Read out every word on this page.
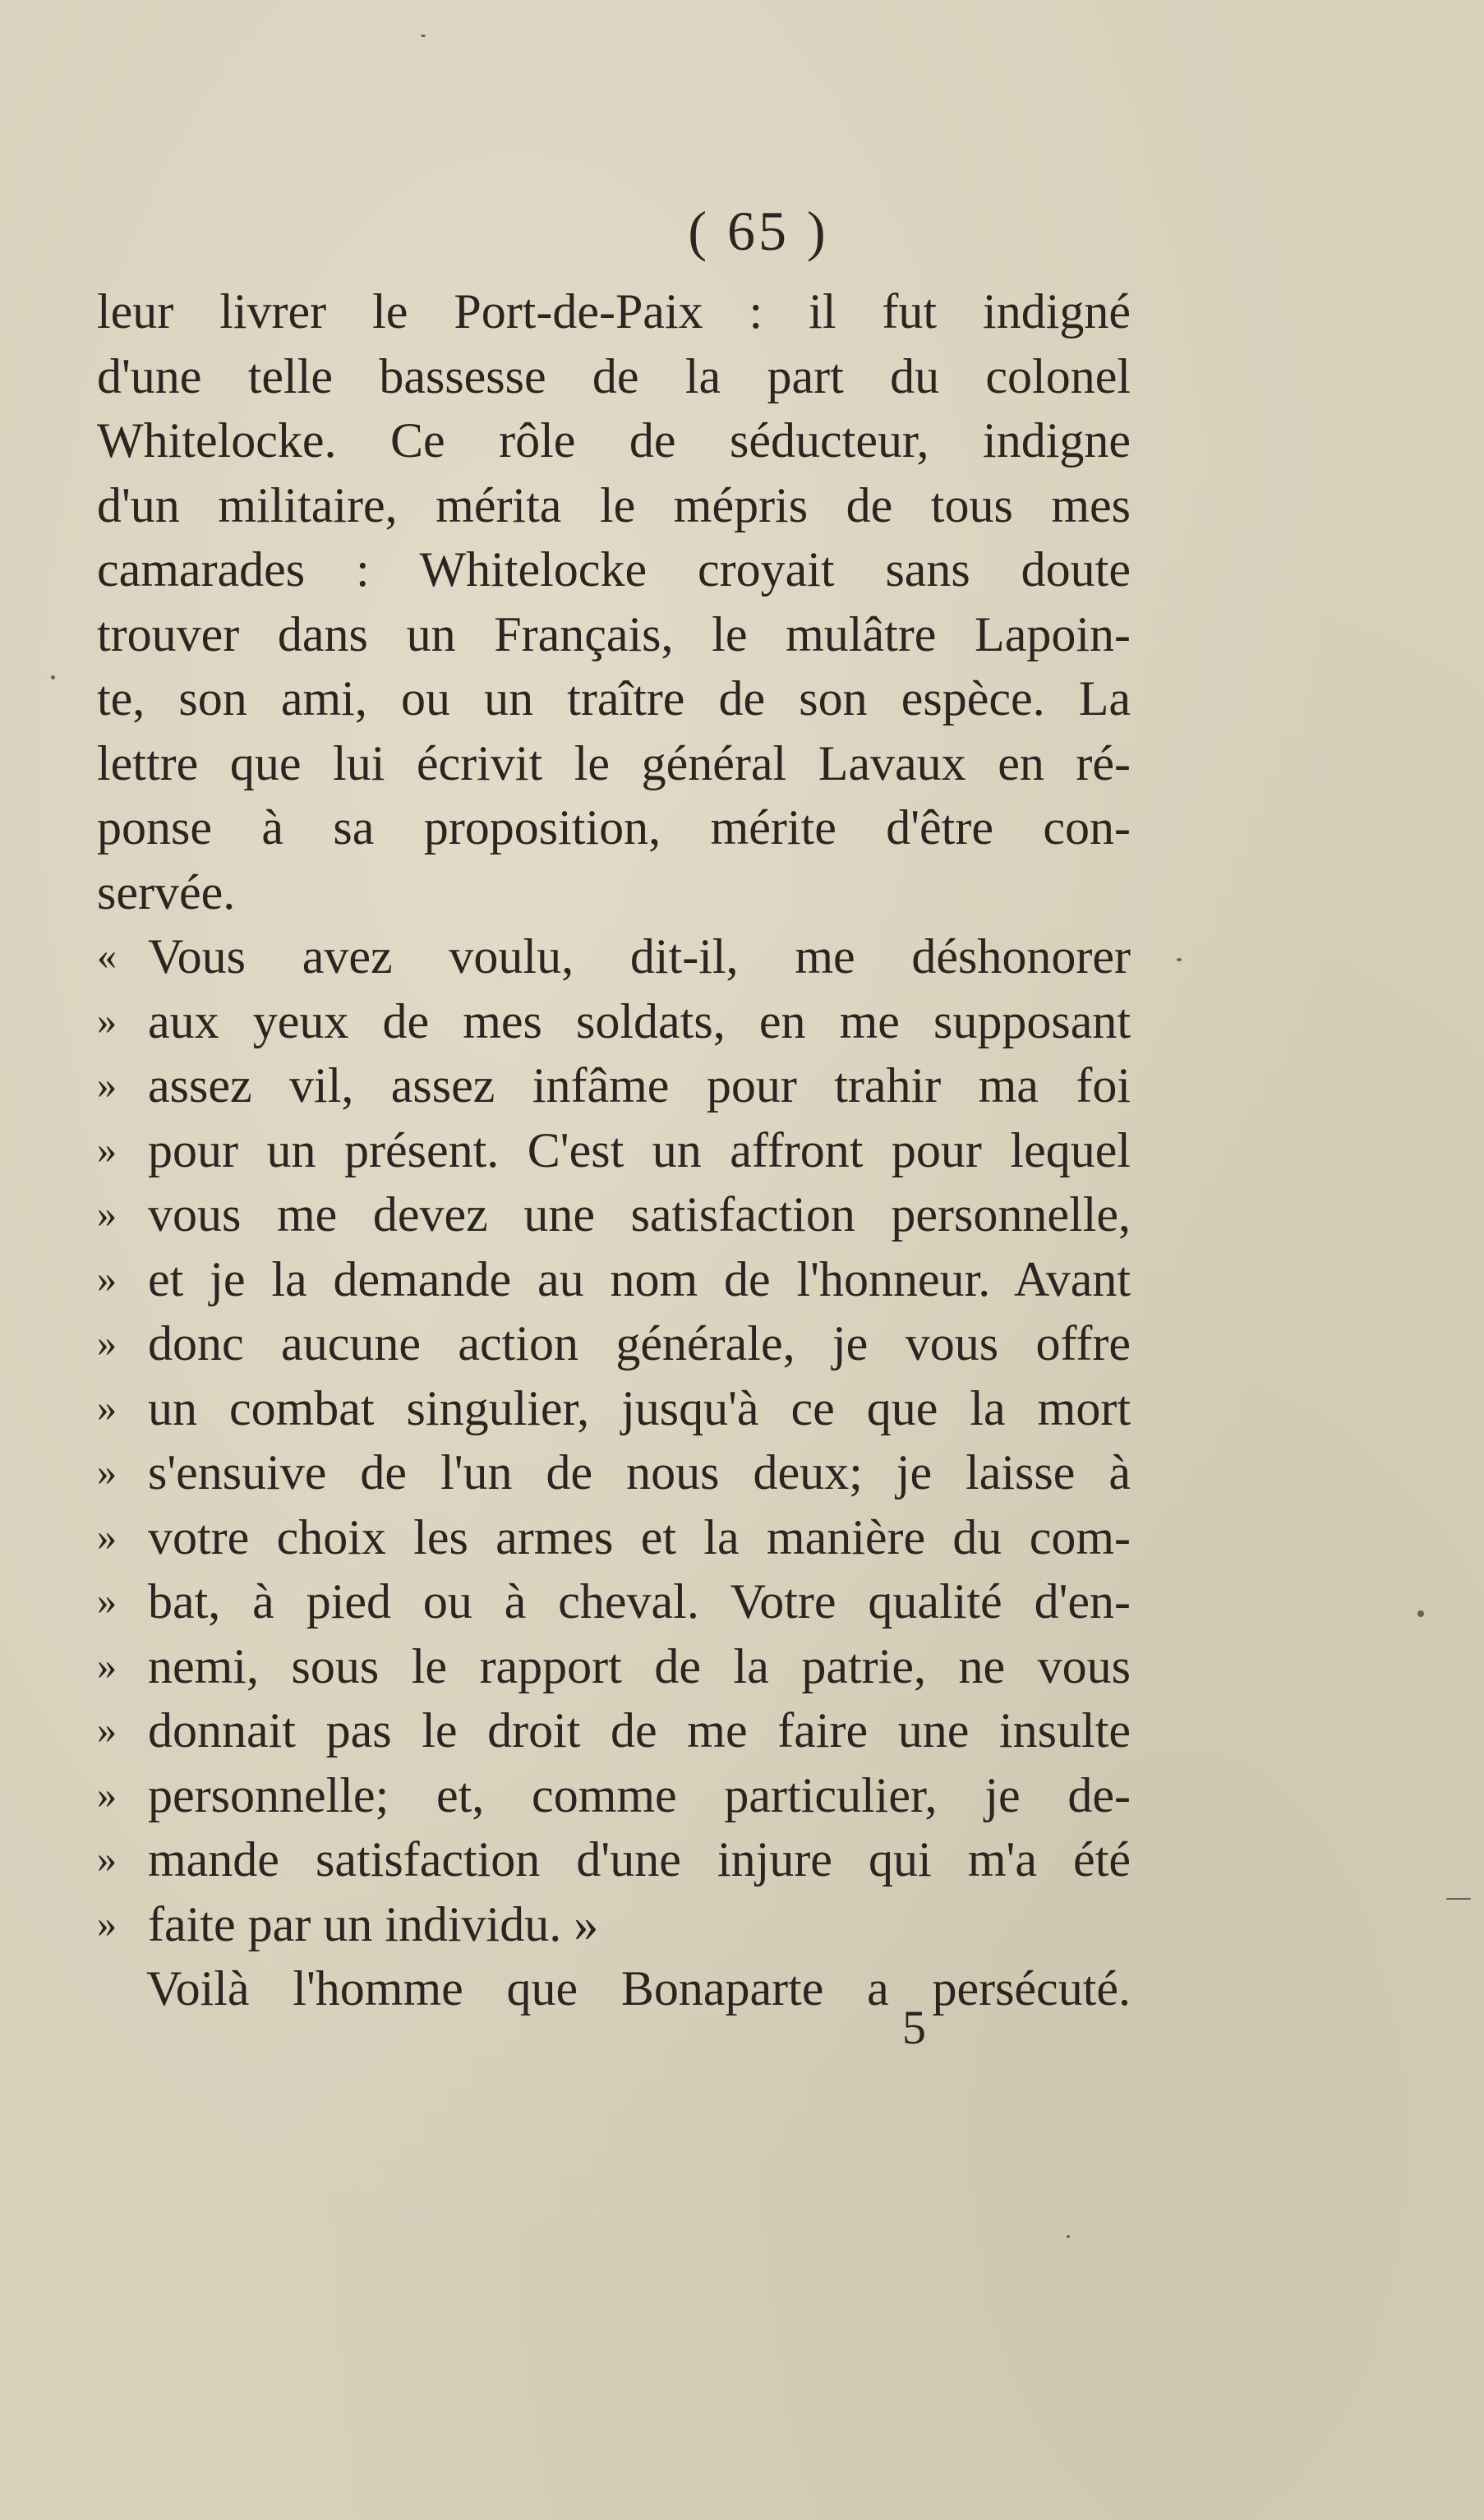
( 65 )
leur livrer le Port-de-Paix : il fut indigné
d'une telle bassesse de la part du colonel
Whitelocke. Ce rôle de séducteur, indigne
d'un militaire, mérita le mépris de tous mes
camarades : Whitelocke croyait sans doute
trouver dans un Français, le mulâtre Lapoin-
te, son ami, ou un traître de son espèce. La
lettre que lui écrivit le général Lavaux en ré-
ponse à sa proposition, mérite d'être con-
servée.
« Vous avez voulu, dit-il, me déshonorer
» aux yeux de mes soldats, en me supposant
» assez vil, assez infâme pour trahir ma foi
» pour un présent. C'est un affront pour lequel
» vous me devez une satisfaction personnelle,
» et je la demande au nom de l'honneur. Avant
» donc aucune action générale, je vous offre
» un combat singulier, jusqu'à ce que la mort
» s'ensuive de l'un de nous deux; je laisse à
» votre choix les armes et la manière du com-
» bat, à pied ou à cheval. Votre qualité d'en-
» nemi, sous le rapport de la patrie, ne vous
» donnait pas le droit de me faire une insulte
» personnelle; et, comme particulier, je de-
» mande satisfaction d'une injure qui m'a été
» faite par un individu. »
Voilà l'homme que Bonaparte a persécuté.
5
